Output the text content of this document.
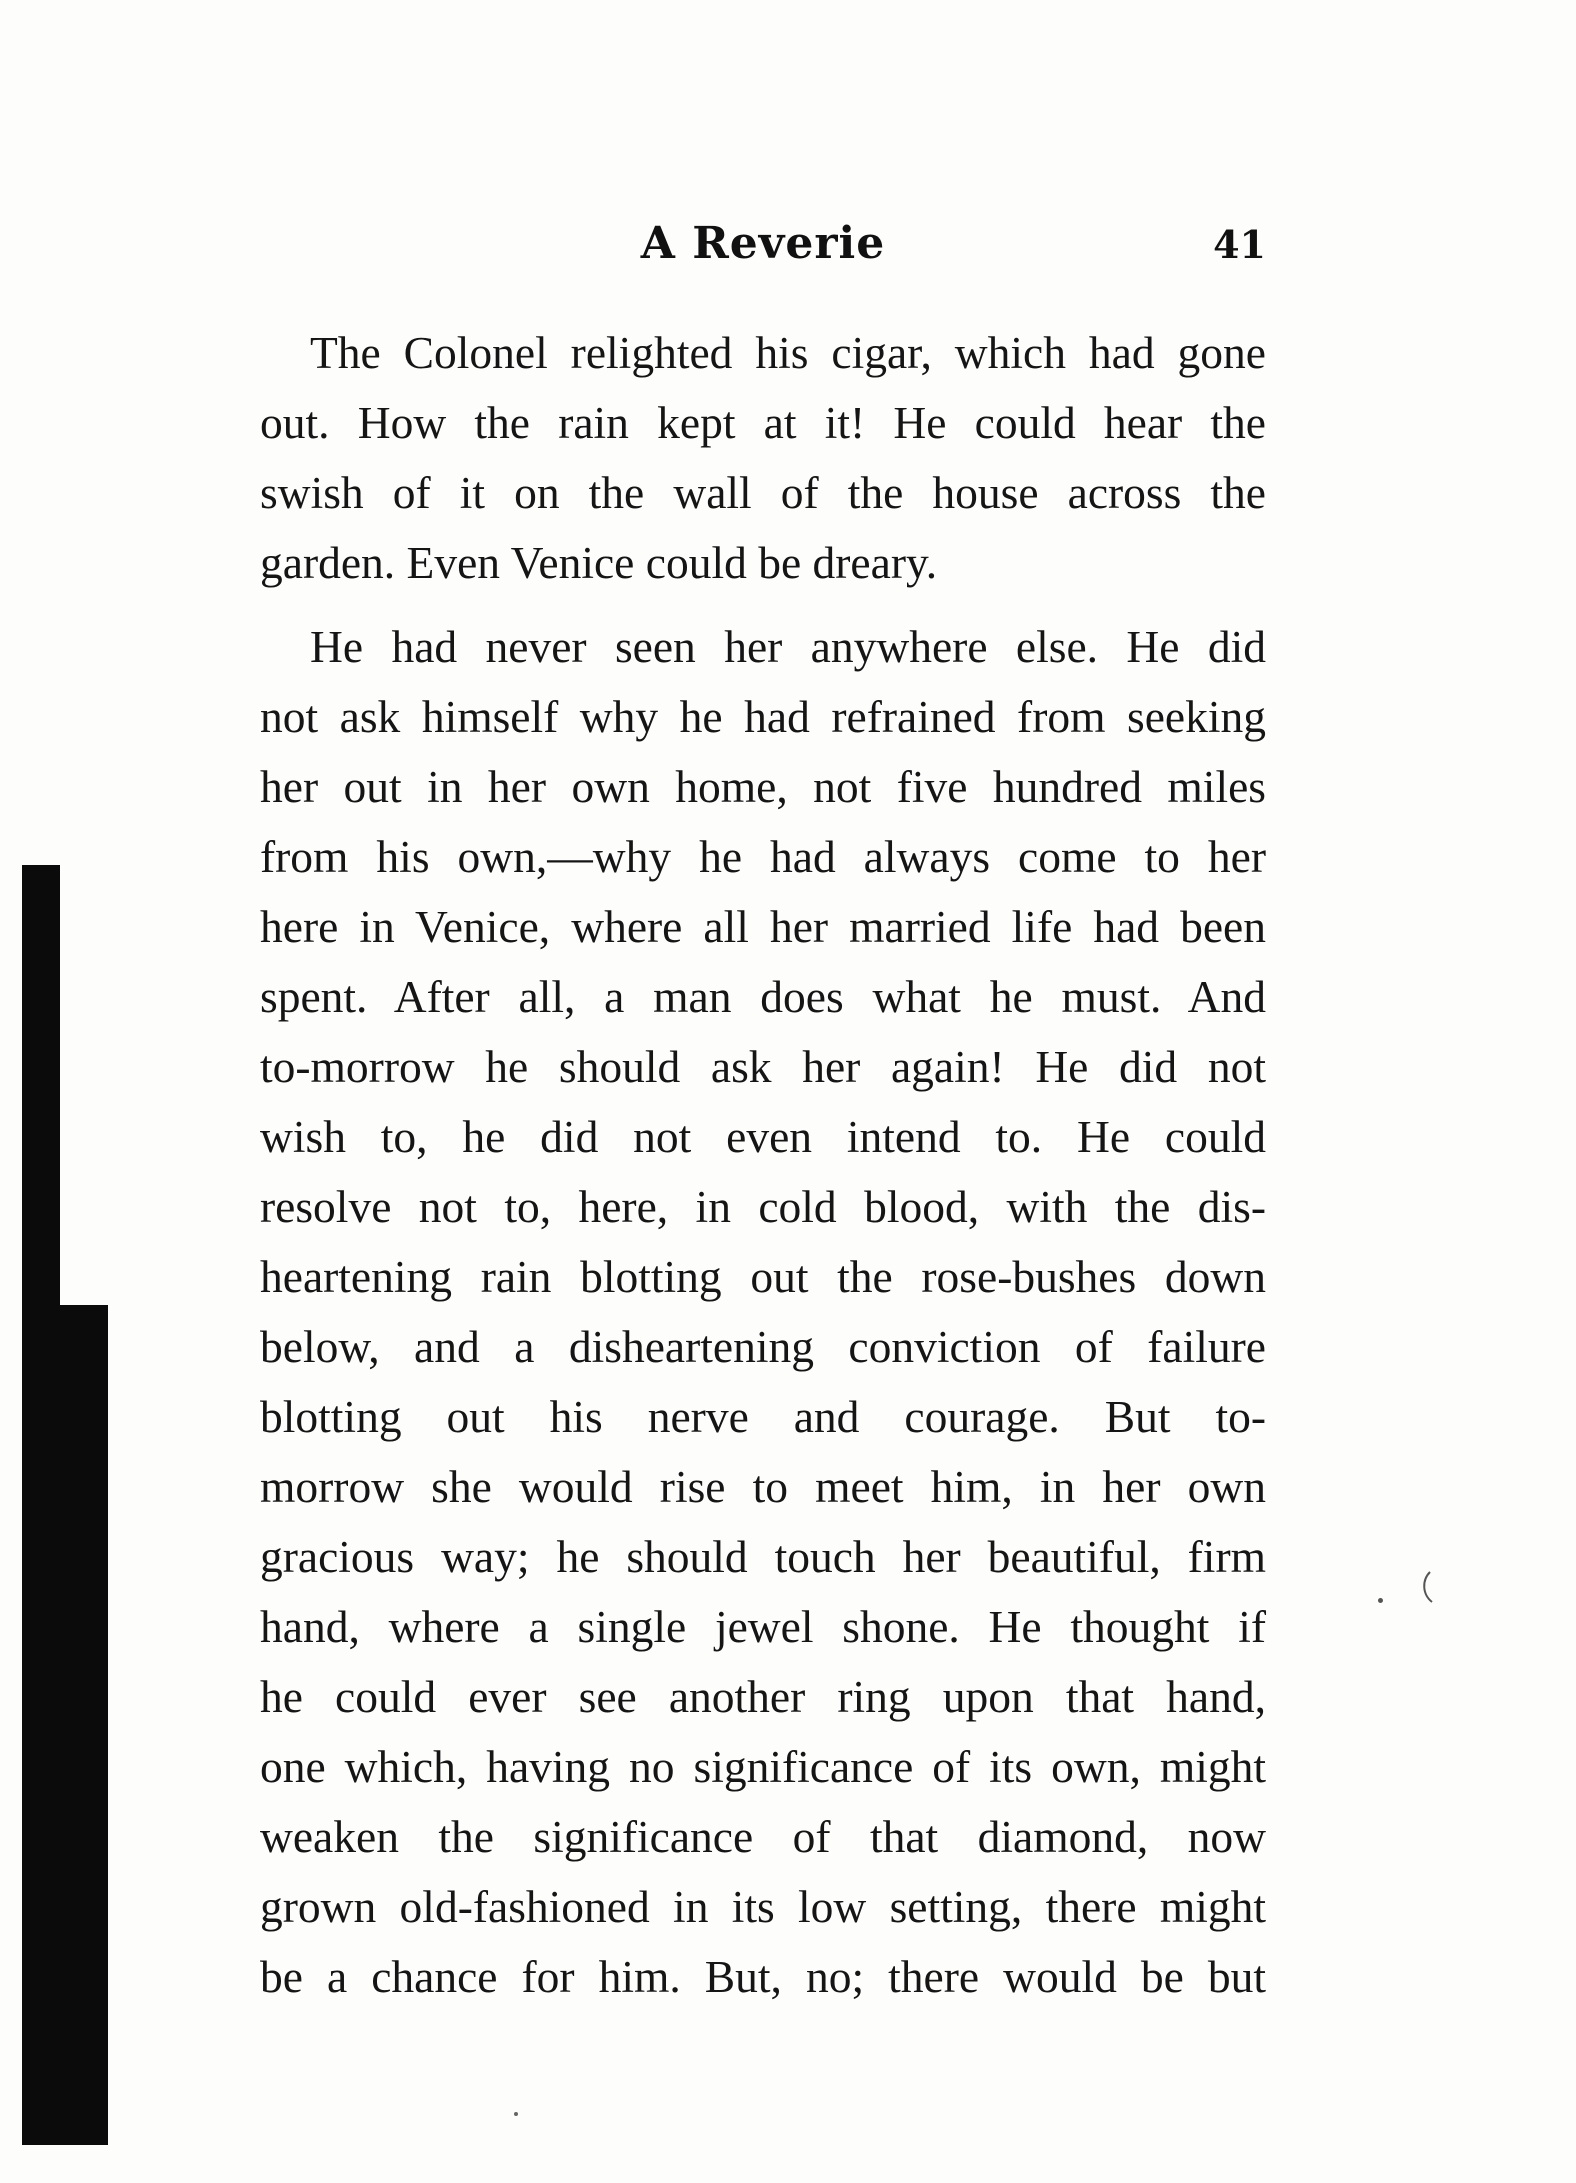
A Reverie	41
The Colonel relighted his cigar, which had gone
out. How the rain kept at it! He could hear the
swish of it on the wall of the house across the
garden. Even Venice could be dreary.
He had never seen her anywhere else. He did
not ask himself why he had refrained from seeking
her out in her own home, not five hundred miles
from his own,—why he had always come to her
here in Venice, where all her married life had been
spent. After all, a man does what he must. And
to-morrow he should ask her again! He did not
wish to, he did not even intend to. He could
resolve not to, here, in cold blood, with the dis-
heartening rain blotting out the rose-bushes down
below, and a disheartening conviction of failure
blotting out his nerve and courage. But to-
morrow she would rise to meet him, in her own
gracious way; he should touch her beautiful, firm
hand, where a single jewel shone. He thought if
he could ever see another ring upon that hand,
one which, having no significance of its own, might
weaken the significance of that diamond, now
grown old-fashioned in its low setting, there might
be a chance for him. But, no; there would be but
